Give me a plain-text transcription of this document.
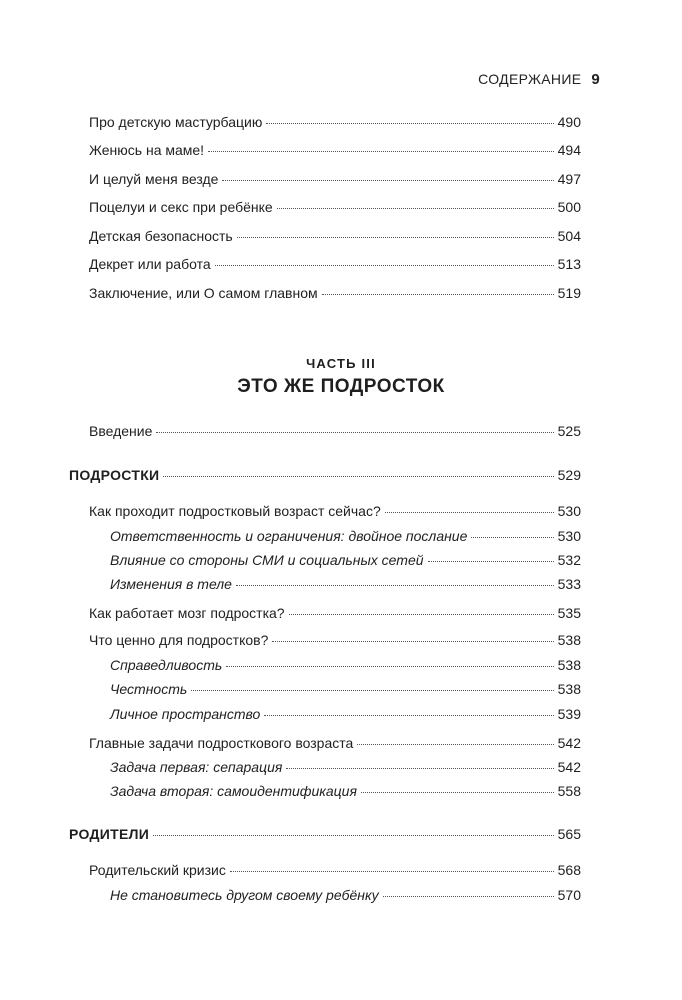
СОДЕРЖАНИЕ 9
Про детскую мастурбацию	490
Женюсь на маме!	494
И целуй меня везде	497
Поцелуи и секс при ребёнке	500
Детская безопасность	504
Декрет или работа	513
Заключение, или О самом главном	519
ЧАСТЬ III
ЭТО ЖЕ ПОДРОСТОК
Введение	525
ПОДРОСТКИ	529
Как проходит подростковый возраст сейчас?	530
Ответственность и ограничения: двойное послание	530
Влияние со стороны СМИ и социальных сетей	532
Изменения в теле	533
Как работает мозг подростка?	535
Что ценно для подростков?	538
Справедливость	538
Честность	538
Личное пространство	539
Главные задачи подросткового возраста	542
Задача первая: сепарация	542
Задача вторая: самоидентификация	558
РОДИТЕЛИ	565
Родительский кризис	568
Не становитесь другом своему ребёнку	570
